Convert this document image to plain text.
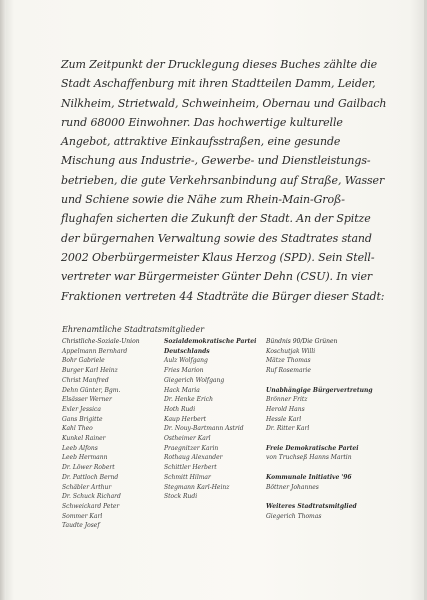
Zum Zeitpunkt der Drucklegung dieses Buches zählte die
Stadt Aschaffenburg mit ihren Stadtteilen Damm, Leider,
Nilkheim, Strietwald, Schweinheim, Obernau und Gailbach
rund 68000 Einwohner. Das hochwertige kulturelle
Angebot, attraktive Einkaufsstraßen, eine gesunde
Mischung aus Industrie-, Gewerbe- und Dienstleistungs-
betrieben, die gute Verkehrsanbindung auf Straße, Wasser
und Schiene sowie die Nähe zum Rhein-Main-Groß-
flughafen sicherten die Zukunft der Stadt. An der Spitze
der bürgernahen Verwaltung sowie des Stadtrates stand
2002 Oberbürgermeister Klaus Herzog (SPD). Sein Stell-
vertreter war Bürgermeister Günter Dehn (CSU). In vier
Fraktionen vertreten 44 Stadträte die Bürger dieser Stadt:
Ehrenamtliche Stadtratsmitglieder
Christliche-Soziale-Union
Appelmann Bernhard
Bohr Gabriele
Burger Karl Heinz
Christ Manfred
Dehn Günter, Bgm.
Elsässer Werner
Exler Jessica
Gans Brigitte
Kahl Theo
Kunkel Rainer
Leeb Alfons
Leeb Hermann
Dr. Löwer Robert
Dr. Pattloch Bernd
Schäbler Arthur
Dr. Schuck Richard
Schweickard Peter
Sommer Karl
Taudte Josef
Sozialdemokratische Partei
Deutschlands
Aulz Wolfgang
Fries Marion
Giegerich Wolfgang
Hack Maria
Dr. Henke Erich
Hoth Rudi
Kaup Herbert
Dr. Nouy-Bartmann Astrid
Ostheimer Karl
Praegnitzer Karin
Rothaug Alexander
Schittler Herbert
Schmitt Hilmar
Stegmann Karl-Heinz
Stock Rudi
Bündnis 90/Die Grünen
Koschutjak Willi
Mätze Thomas
Ruf Rosemarie
Unabhängige Bürgervertretung
Brönner Fritz
Herold Hans
Hessle Karl
Dr. Ritter Karl
Freie Demokratische Partei
von Truchseß Hanns Martin
Kommunale Initiative '96
Böttner Johannes
Weiteres Stadtratsmitglied
Giegerich Thomas
